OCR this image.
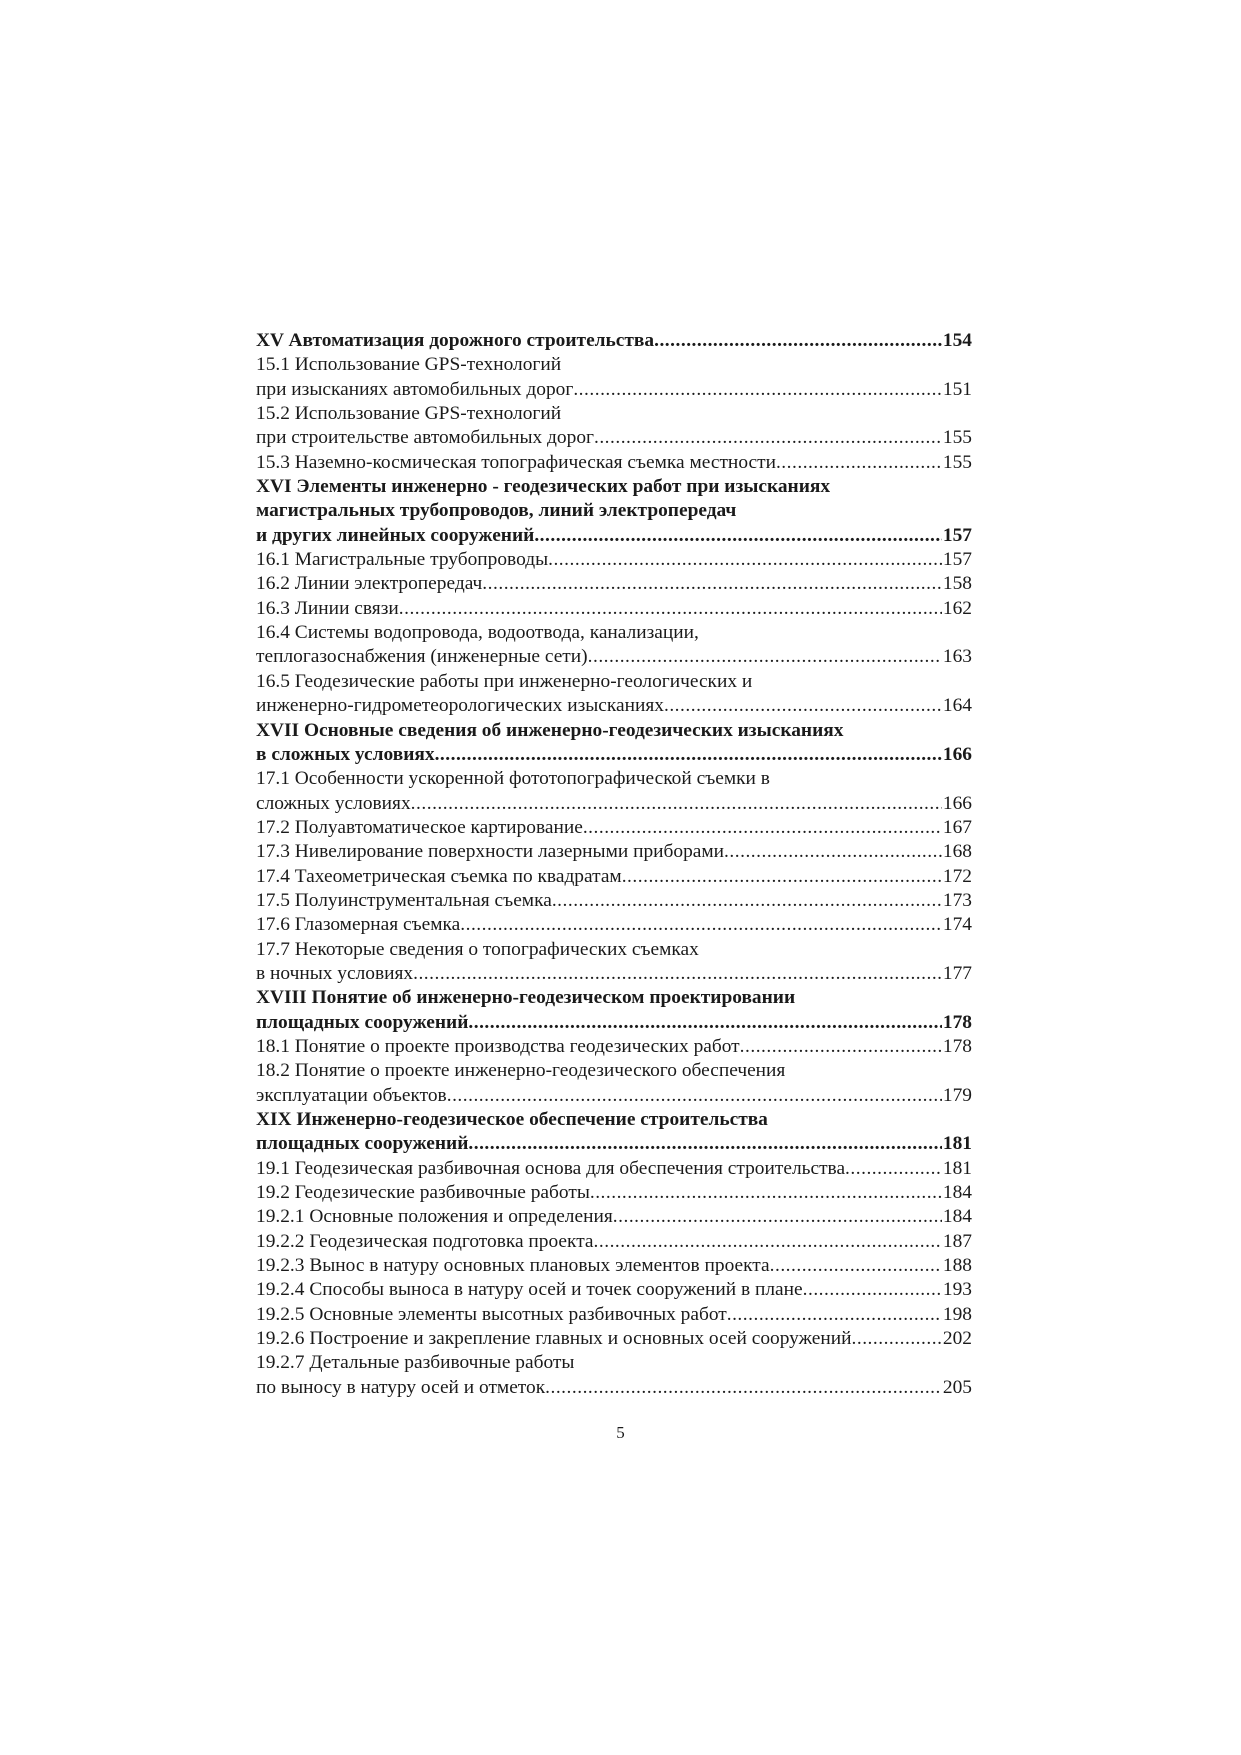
XV Автоматизация дорожного строительства .....	154
15.1 Использование GPS-технологий
при изысканиях автомобильных дорог .....	151
15.2 Использование GPS-технологий
при строительстве автомобильных дорог .....	155
15.3 Наземно-космическая топографическая съемка местности .....	155
XVI Элементы инженерно - геодезических работ при изысканиях
магистральных трубопроводов, линий электропередач
и других линейных сооружений .....	157
16.1 Магистральные трубопроводы .....	157
16.2 Линии электропередач .....	158
16.3 Линии связи .....	162
16.4 Системы водопровода, водоотвода, канализации,
теплогазоснабжения (инженерные сети) .....	163
16.5 Геодезические работы при инженерно-геологических и
инженерно-гидрометеорологических изысканиях .....	164
XVII Основные сведения об инженерно-геодезических изысканиях
в сложных условиях .....	166
17.1 Особенности ускоренной фототопографической съемки в
сложных условиях .....	166
17.2 Полуавтоматическое картирование .....	167
17.3 Нивелирование поверхности лазерными приборами .....	168
17.4 Тахеометрическая съемка по квадратам .....	172
17.5 Полуинструментальная съемка .....	173
17.6 Глазомерная съемка .....	174
17.7 Некоторые сведения о топографических съемках
в ночных условиях .....	177
XVIII Понятие об инженерно-геодезическом проектировании
площадных сооружений .....	178
18.1 Понятие о проекте производства геодезических работ .....	178
18.2 Понятие о проекте инженерно-геодезического обеспечения
эксплуатации объектов .....	179
XIX Инженерно-геодезическое обеспечение строительства
площадных сооружений .....	181
19.1 Геодезическая разбивочная основа для обеспечения строительства .....	181
19.2 Геодезические разбивочные работы .....	184
19.2.1 Основные положения и определения .....	184
19.2.2 Геодезическая подготовка проекта .....	187
19.2.3 Вынос в натуру основных плановых элементов проекта .....	188
19.2.4 Способы выноса в натуру осей и точек сооружений в плане .....	193
19.2.5 Основные элементы высотных разбивочных работ .....	198
19.2.6 Построение и закрепление главных и основных осей сооружений .....	202
19.2.7 Детальные разбивочные работы
по выносу в натуру осей и отметок .....	205
5
